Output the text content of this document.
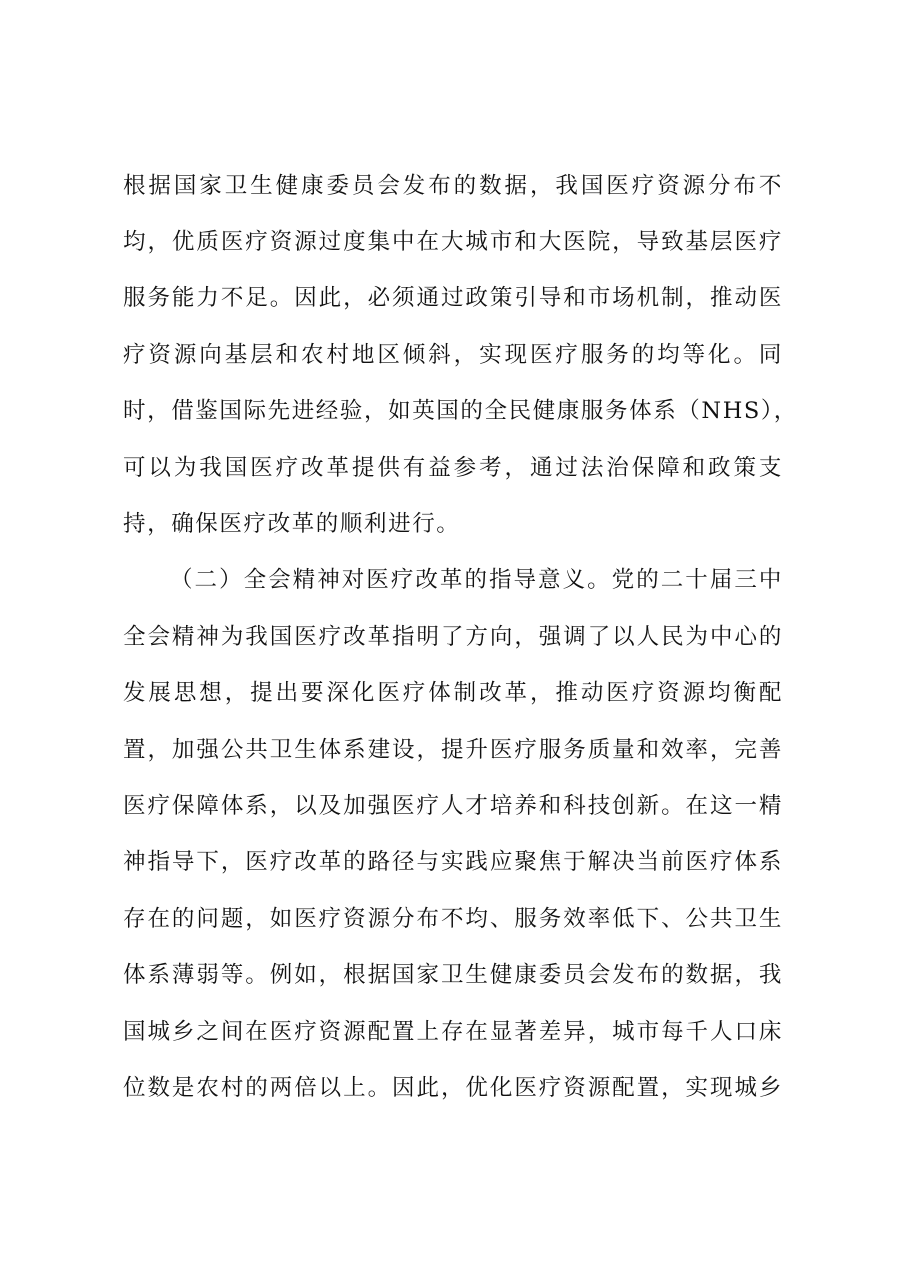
根据国家卫生健康委员会发布的数据，我国医疗资源分布不
均，优质医疗资源过度集中在大城市和大医院，导致基层医疗
服务能力不足。因此，必须通过政策引导和市场机制，推动医
疗资源向基层和农村地区倾斜，实现医疗服务的均等化。同
时，借鉴国际先进经验，如英国的全民健康服务体系（NHS），
可以为我国医疗改革提供有益参考，通过法治保障和政策支
持，确保医疗改革的顺利进行。
（二）全会精神对医疗改革的指导意义。党的二十届三中
全会精神为我国医疗改革指明了方向，强调了以人民为中心的
发展思想，提出要深化医疗体制改革，推动医疗资源均衡配
置，加强公共卫生体系建设，提升医疗服务质量和效率，完善
医疗保障体系，以及加强医疗人才培养和科技创新。在这一精
神指导下，医疗改革的路径与实践应聚焦于解决当前医疗体系
存在的问题，如医疗资源分布不均、服务效率低下、公共卫生
体系薄弱等。例如，根据国家卫生健康委员会发布的数据，我
国城乡之间在医疗资源配置上存在显著差异，城市每千人口床
位数是农村的两倍以上。因此，优化医疗资源配置，实现城乡
